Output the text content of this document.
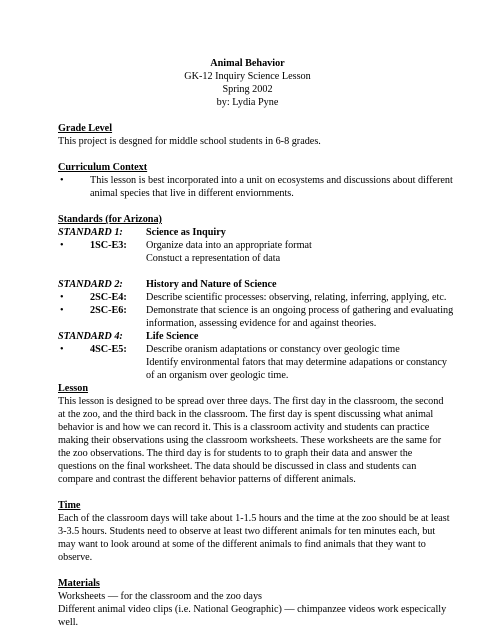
Animal Behavior
GK-12 Inquiry Science Lesson
Spring 2002
by: Lydia Pyne
Grade Level
This project is desgned for middle school students in 6-8 grades.
Curriculum Context
•	This lesson is best incorporated into a unit on ecosystems and discussions about different
animal species that live in different enviornments.
Standards (for Arizona)
STANDARD 1: Science as Inquiry
•	1SC-E3: Organize data into an appropriate format
Constuct a representation of data
STANDARD 2: History and Nature of Science
•	2SC-E4: Describe scientific processes: observing, relating, inferring, applying, etc.
•	2SC-E6: Demonstrate that science is an ongoing process of gathering and evaluating
information, assessing evidence for and against theories.
STANDARD 4: Life Science
•	4SC-E5: Describe oranism adaptations or constancy over geologic time
Identify environmental fators that may determine adapations or constancy
of an organism over geologic time.
Lesson
This lesson is designed to be spread over three days. The first day in the classroom, the second
at the zoo, and the third back in the classroom. The first day is spent discussing what animal
behavior is and how we can record it. This is a classroom activity and students can practice
making their observations using the classroom worksheets. These worksheets are the same for
the zoo observations. The third day is for students to to graph their data and answer the
questions on the final worksheet. The data should be discussed in class and students can
compare and contrast the different behavior patterns of different animals.
Time
Each of the classroom days will take about 1-1.5 hours and the time at the zoo should be at least
3-3.5 hours. Students need to observe at least two different animals for ten minutes each, but
may want to look around at some of the different animals to find animals that they want to
observe.
Materials
Worksheets — for the classroom and the zoo days
Different animal video clips (i.e. National Geographic) — chimpanzee videos work especically
well.
